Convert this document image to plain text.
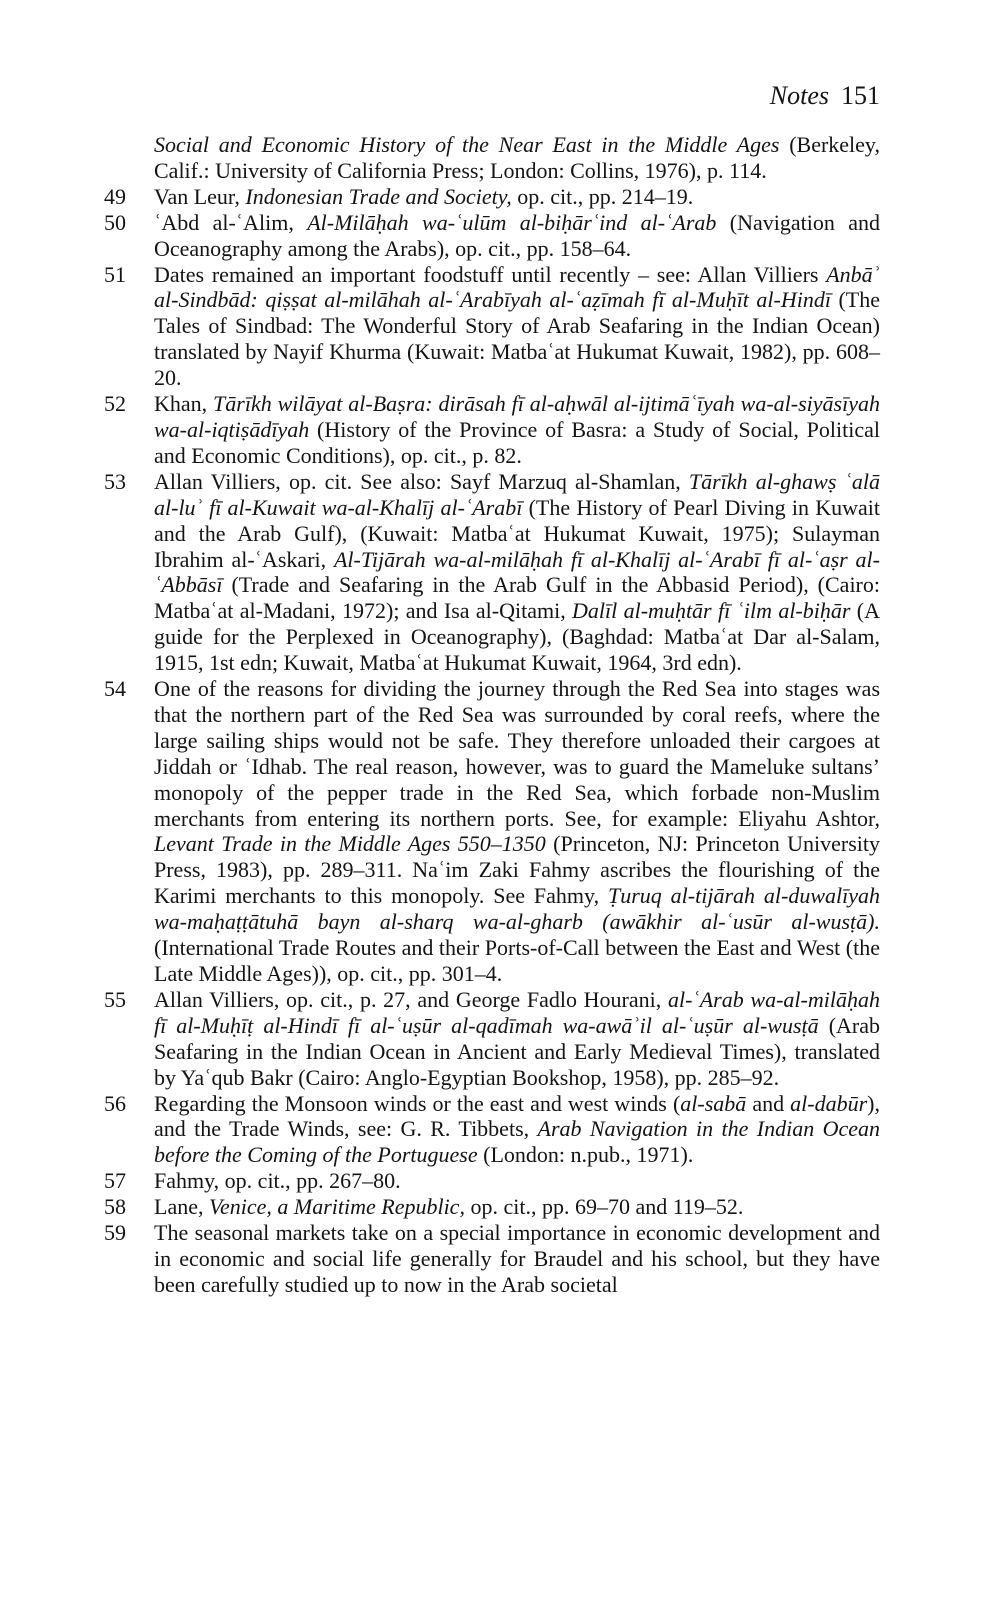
Notes 151
Social and Economic History of the Near East in the Middle Ages (Berkeley, Calif.: University of California Press; London: Collins, 1976), p. 114.
49	Van Leur, Indonesian Trade and Society, op. cit., pp. 214–19.
50	ʿAbd al-ʿAlim, Al-Milāḥah wa-ʿulūm al-biḥārʿind al-ʿArab (Navigation and Oceanography among the Arabs), op. cit., pp. 158–64.
51	Dates remained an important foodstuff until recently – see: Allan Villiers Anbāʾ al-Sindbād: qiṣṣat al-milāhah al-ʿArabīyah al-ʿaẓīmah fī al-Muḥīt al-Hindī (The Tales of Sindbad: The Wonderful Story of Arab Seafaring in the Indian Ocean) translated by Nayif Khurma (Kuwait: Matbaʿat Hukumat Kuwait, 1982), pp. 608–20.
52	Khan, Tārīkh wilāyat al-Baṣra: dirāsah fī al-aḥwāl al-ijtimāʿīyah wa-al-siyāsīyah wa-al-iqtiṣādīyah (History of the Province of Basra: a Study of Social, Political and Economic Conditions), op. cit., p. 82.
53	Allan Villiers, op. cit. See also: Sayf Marzuq al-Shamlan, Tārīkh al-ghawṣ ʿalā al-luʾ fī al-Kuwait wa-al-Khalīj al-ʿArabī (The History of Pearl Diving in Kuwait and the Arab Gulf), (Kuwait: Matbaʿat Hukumat Kuwait, 1975); Sulayman Ibrahim al-ʿAskari, Al-Tijārah wa-al-milāḥah fī al-Khalīj al-ʿArabī fī al-ʿaṣr al-ʿAbbāsī (Trade and Seafaring in the Arab Gulf in the Abbasid Period), (Cairo: Matbaʿat al-Madani, 1972); and Isa al-Qitami, Dalīl al-muḥtār fī ʿilm al-biḥār (A guide for the Perplexed in Oceanography), (Baghdad: Matbaʿat Dar al-Salam, 1915, 1st edn; Kuwait, Matbaʿat Hukumat Kuwait, 1964, 3rd edn).
54	One of the reasons for dividing the journey through the Red Sea into stages was that the northern part of the Red Sea was surrounded by coral reefs, where the large sailing ships would not be safe. They therefore unloaded their cargoes at Jiddah or ʿIdhab. The real reason, however, was to guard the Mameluke sultans’ monopoly of the pepper trade in the Red Sea, which forbade non-Muslim merchants from entering its northern ports. See, for example: Eliyahu Ashtor, Levant Trade in the Middle Ages 550–1350 (Princeton, NJ: Princeton University Press, 1983), pp. 289–311. Naʿim Zaki Fahmy ascribes the flourishing of the Karimi merchants to this monopoly. See Fahmy, Ṭuruq al-tijārah al-duwalīyah wa-maḥaṭṭātuhā bayn al-sharq wa-al-gharb (awākhir al-ʿusūr al-wusṭā). (International Trade Routes and their Ports-of-Call between the East and West (the Late Middle Ages)), op. cit., pp. 301–4.
55	Allan Villiers, op. cit., p. 27, and George Fadlo Hourani, al-ʿArab wa-al-milāḥah fī al-Muḥīṭ al-Hindī fī al-ʿuṣūr al-qadīmah wa-awāʾil al-ʿuṣūr al-wusṭā (Arab Seafaring in the Indian Ocean in Ancient and Early Medieval Times), translated by Yaʿqub Bakr (Cairo: Anglo-Egyptian Bookshop, 1958), pp. 285–92.
56	Regarding the Monsoon winds or the east and west winds (al-sabā and al-dabūr), and the Trade Winds, see: G. R. Tibbets, Arab Navigation in the Indian Ocean before the Coming of the Portuguese (London: n.pub., 1971).
57	Fahmy, op. cit., pp. 267–80.
58	Lane, Venice, a Maritime Republic, op. cit., pp. 69–70 and 119–52.
59	The seasonal markets take on a special importance in economic development and in economic and social life generally for Braudel and his school, but they have been carefully studied up to now in the Arab societal
